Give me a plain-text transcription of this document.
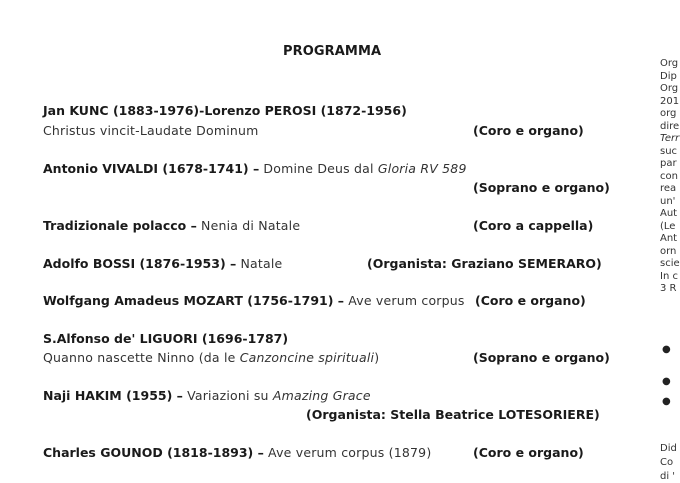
PROGRAMMA
Jan KUNC (1883-1976)-Lorenzo PEROSI (1872-1956)
Christus vincit-Laudate Dominum	(Coro e organo)
Antonio VIVALDI (1678-1741) – Domine Deus dal Gloria RV 589
(Soprano e organo)
Tradizionale polacco – Nenia di Natale	(Coro a cappella)
Adolfo BOSSI (1876-1953) – Natale	(Organista: Graziano SEMERARO)
Wolfgang Amadeus MOZART (1756-1791) – Ave verum corpus (Coro e organo)
S.Alfonso de' LIGUORI (1696-1787)
Quanno nascette Ninno (da le Canzoncine spirituali)	(Soprano e organo)
Naji HAKIM (1955) – Variazioni su Amazing Grace
(Organista: Stella Beatrice LOTESORIERE)
Charles GOUNOD (1818-1893) – Ave verum corpus (1879)	(Coro e organo)
Org
Dip
Org
201
org
dire
Terr
suc
par
con
rea
un'
Aut
(Le
Ant
orn
scie
In c
3 R
●
●
●
Did
Co
di '
